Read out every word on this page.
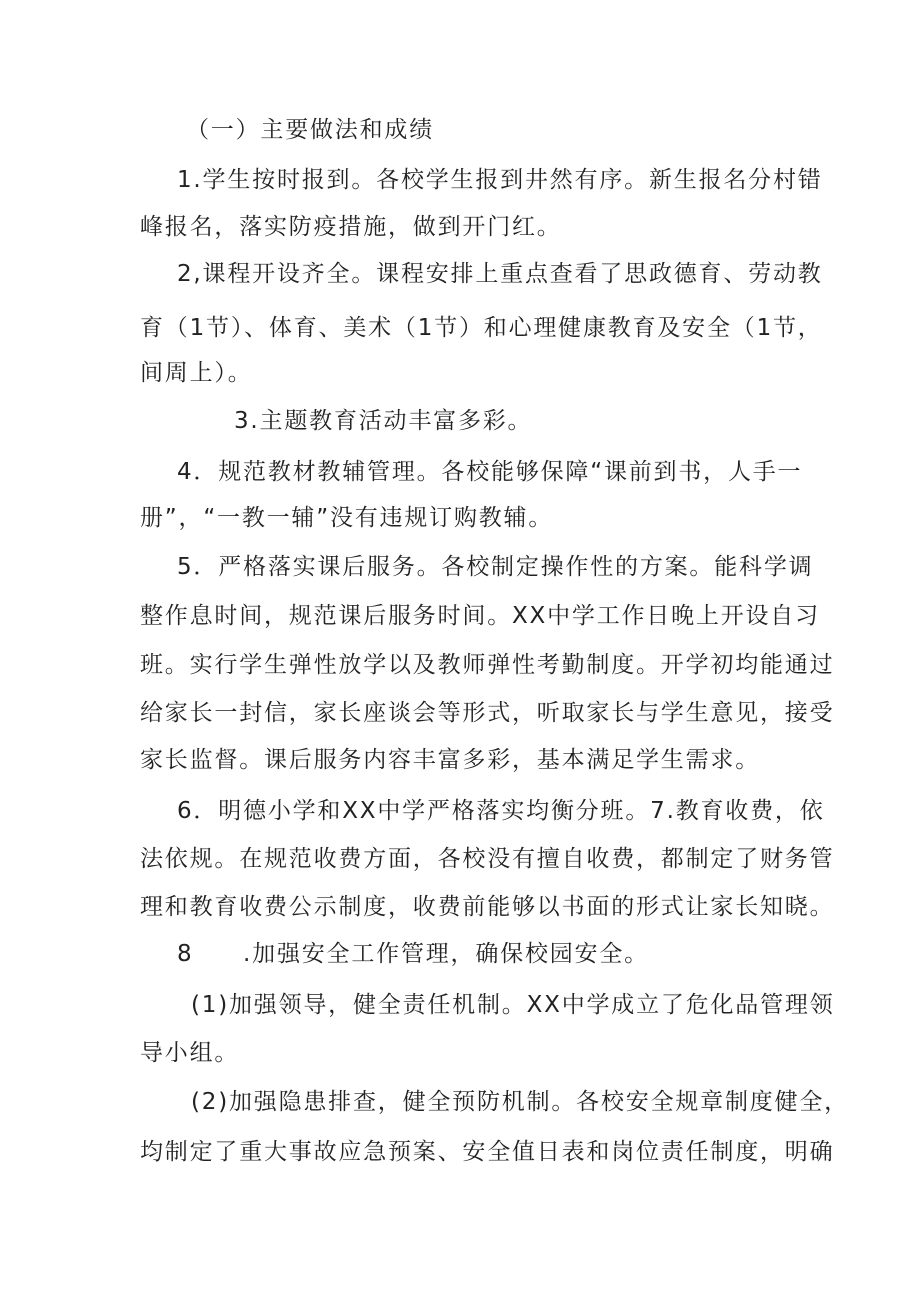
（一）主要做法和成绩
1.学生按时报到。各校学生报到井然有序。新生报名分村错
峰报名，落实防疫措施，做到开门红。
2,课程开设齐全。课程安排上重点查看了思政德育、劳动教
育（1节）、体育、美术（1节）和心理健康教育及安全（1节，
间周上）。
3.主题教育活动丰富多彩。
4．规范教材教辅管理。各校能够保障“课前到书，人手一
册”，“一教一辅”没有违规订购教辅。
5．严格落实课后服务。各校制定操作性的方案。能科学调
整作息时间，规范课后服务时间。XX中学工作日晚上开设自习
班。实行学生弹性放学以及教师弹性考勤制度。开学初均能通过
给家长一封信，家长座谈会等形式，听取家长与学生意见，接受
家长监督。课后服务内容丰富多彩，基本满足学生需求。
6．明德小学和XX中学严格落实均衡分班。7.教育收费，依
法依规。在规范收费方面，各校没有擅自收费，都制定了财务管
理和教育收费公示制度，收费前能够以书面的形式让家长知晓。
8　　.加强安全工作管理，确保校园安全。
(1)加强领导，健全责任机制。XX中学成立了危化品管理领
导小组。
(2)加强隐患排查，健全预防机制。各校安全规章制度健全，
均制定了重大事故应急预案、安全值日表和岗位责任制度，明确
